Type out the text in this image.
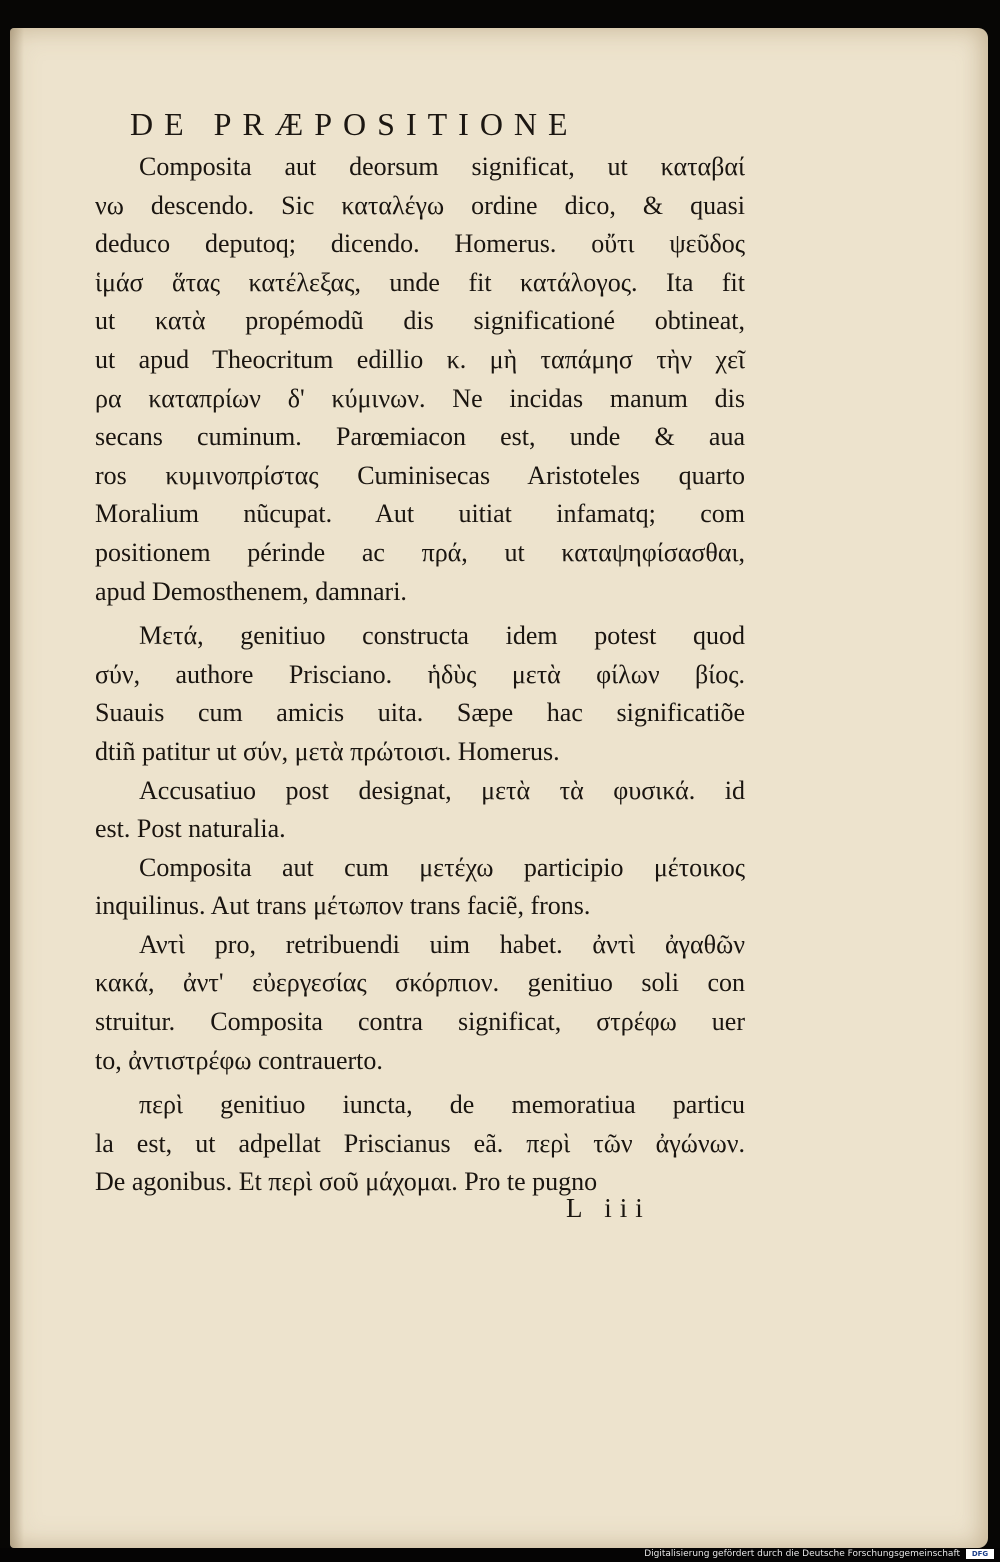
DE PRÆPOSITIONE
Composita aut deorsum significat, ut καταβαί
νω descendo. Sic καταλέγω ordine dico, & quasi
deduco deputoq; dicendo. Homerus. οὔτι ψεῦδος
ἱμάσ ἅτας κατέλεξας, unde fit κατάλογος. Ita fit
ut κατὰ propémodũ dis significationé obtineat,
ut apud Theocritum edillio κ. μὴ ταπάμησ τὴν χεῖ
ρα καταπρίων δ' κύμινων. Ne incidas manum dis
secans cuminum. Parœmiacon est, unde & aua
ros κυμινοπρίστας Cuminisecas Aristoteles quarto
Moralium nũcupat. Aut uitiat infamatq; com
positionem périnde ac πρά, ut καταψηφίσασθαι,
apud Demosthenem, damnari.
Μετά, genitiuo constructa idem potest quod
σύν, authore Prisciano. ἡδὺς μετὰ φίλων βίος.
Suauis cum amicis uita. Sæpe hac significatiõe
dtiñ patitur ut σύν, μετὰ πρώτοισι. Homerus.
Accusatiuo post designat, μετὰ τὰ φυσικά. id
est. Post naturalia.
Composita aut cum μετέχω participio μέτοικος
inquilinus. Aut trans μέτωπον trans faciẽ, frons.
Αντὶ pro, retribuendi uim habet. ἀντὶ ἀγαθῶν
κακά, ἀντ' εὐεργεσίας σκόρπιον. genitiuo soli con
struitur. Composita contra significat, στρέφω uer
to, ἀντιστρέφω contrauerto.
περὶ genitiuo iuncta, de memoratiua particu
la est, ut adpellat Priscianus eã. περὶ τῶν ἀγώνων.
De agonibus. Et περὶ σοῦ μάχομαι. Pro te pugno

L iii

Digitalisierung gefördert durch die Deutsche Forschungsgemeinschaft	DFG
